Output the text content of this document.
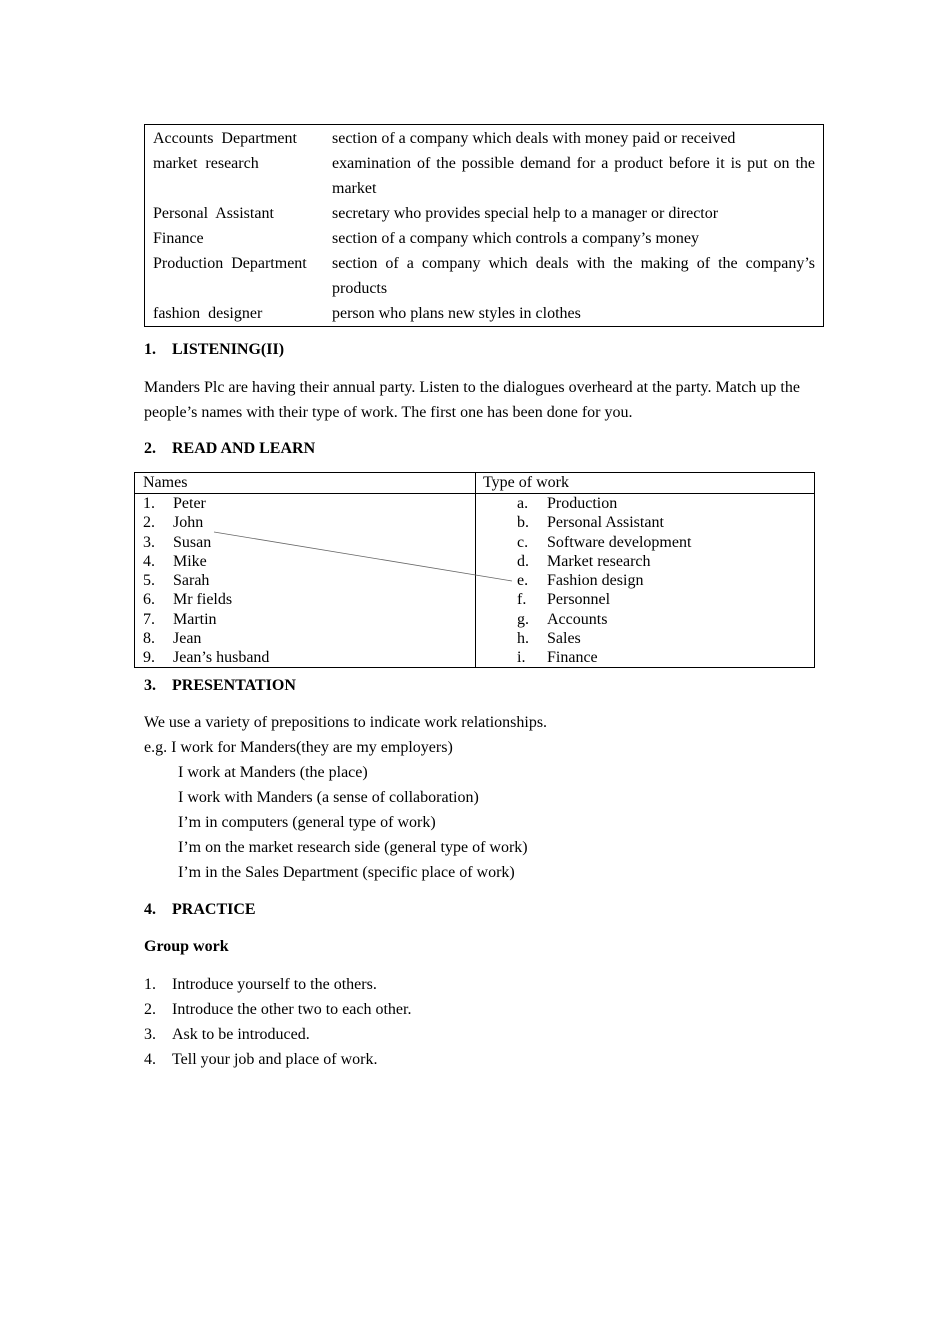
Accounts Department	section of a company which deals with money paid or received
market research	examination of the possible demand for a product before it is put on the market
Personal Assistant	secretary who provides special help to a manager or director
Finance	section of a company which controls a company’s money
Production Department	section of a company which deals with the making of the company’s products
fashion designer	person who plans new styles in clothes
1. LISTENING(II)
Manders Plc are having their annual party. Listen to the dialogues overheard at the party. Match up the people’s names with their type of work. The first one has been done for you.
2. READ AND LEARN
Names
1.	Peter
2.	John
3.	Susan
4.	Mike
5.	Sarah
6.	Mr fields
7.	Martin
8.	Jean
9.	Jean’s husband
Type of work
a.	Production
b.	Personal Assistant
c.	Software development
d.	Market research
e.	Fashion design
f.	Personnel
g.	Accounts
h.	Sales
i.	Finance
3. PRESENTATION
We use a variety of prepositions to indicate work relationships.
e.g. I work for Manders(they are my employers)
I work at Manders (the place)
I work with Manders (a sense of collaboration)
I’m in computers (general type of work)
I’m on the market research side (general type of work)
I’m in the Sales Department (specific place of work)
4. PRACTICE
Group work
1.	Introduce yourself to the others.
2.	Introduce the other two to each other.
3.	Ask to be introduced.
4.	Tell your job and place of work.
